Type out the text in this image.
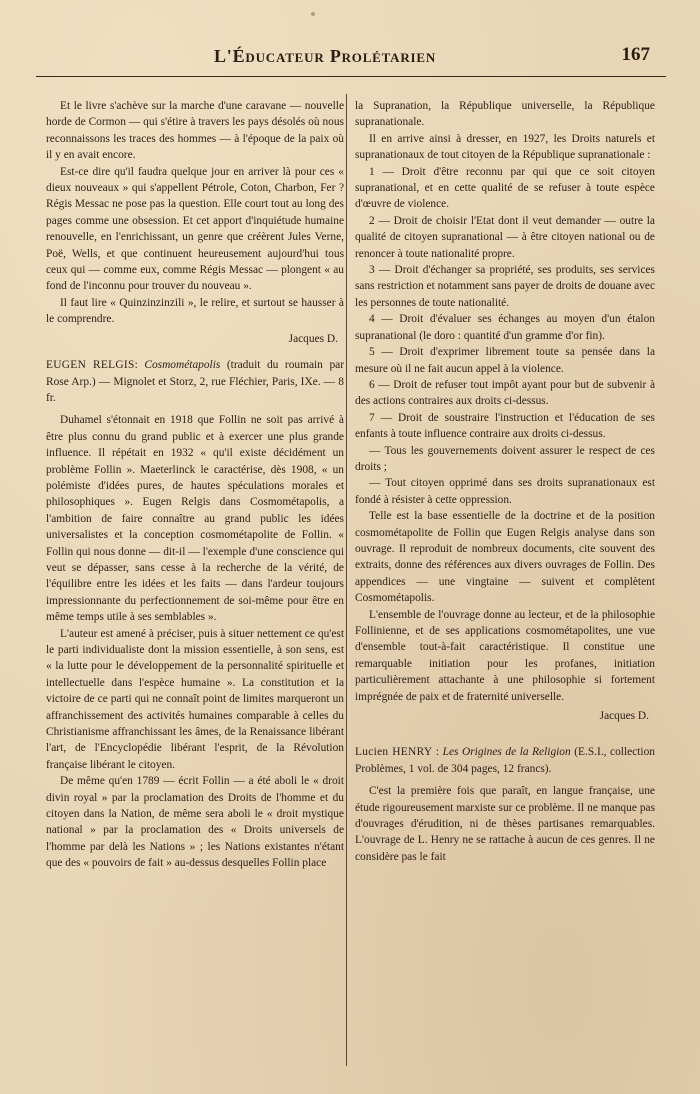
L'Éducateur Prolétarien	167

Et le livre s'achève sur la marche d'une caravane — nouvelle horde de Cormon — qui s'étire à travers les pays désolés où nous reconnaissons les traces des hommes — à l'époque de la paix où il y en avait encore.

Est-ce dire qu'il faudra quelque jour en arriver là pour ces « dieux nouveaux » qui s'appellent Pétrole, Coton, Charbon, Fer ? Régis Messac ne pose pas la question. Elle court tout au long des pages comme une obsession. Et cet apport d'inquiétude humaine renouvelle, en l'enrichissant, un genre que créèrent Jules Verne, Poë, Wells, et que continuent heureusement aujourd'hui tous ceux qui — comme eux, comme Régis Messac — plongent « au fond de l'inconnu pour trouver du nouveau ».

Il faut lire « Quinzinzinzili », le relire, et surtout se hausser à le comprendre.

Jacques D.

EUGEN RELGIS: Cosmométapolis (traduit du roumain par Rose Arp.) — Mignolet et Storz, 2, rue Fléchier, Paris, IXe. — 8 fr.

Duhamel s'étonnait en 1918 que Follin ne soit pas arrivé à être plus connu du grand public et à exercer une plus grande influence. Il répétait en 1932 « qu'il existe décidément un problème Follin ». Maeterlinck le caractérise, dès 1908, « un polémiste d'idées pures, de hautes spéculations morales et philosophiques ». Eugen Relgis dans Cosmométapolis, a l'ambition de faire connaître au grand public les idées universalistes et la conception cosmométapolite de Follin. « Follin qui nous donne — dit-il — l'exemple d'une conscience qui veut se dépasser, sans cesse à la recherche de la vérité, de l'équilibre entre les idées et les faits — dans l'ardeur toujours impressionnante du perfectionnement de soi-même pour être en même temps utile à ses semblables ».

L'auteur est amené à préciser, puis à situer nettement ce qu'est le parti individualiste dont la mission essentielle, à son sens, est « la lutte pour le développement de la personnalité spirituelle et intellectuelle dans l'espèce humaine ». La constitution et la victoire de ce parti qui ne connaît point de limites marqueront un affranchissement des activités humaines comparable à celles du Christianisme affranchissant les âmes, de la Renaissance libérant l'art, de l'Encyclopédie libérant l'esprit, de la Révolution française libérant le citoyen.

De même qu'en 1789 — écrit Follin — a été aboli le « droit divin royal » par la proclamation des Droits de l'homme et du citoyen dans la Nation, de même sera aboli le « droit mystique national » par la proclamation des « Droits universels de l'homme par delà les Nations » ; les Nations existantes n'étant que des « pouvoirs de fait » au-dessus desquelles Follin place

la Supranation, la République universelle, la République supranationale.

Il en arrive ainsi à dresser, en 1927, les Droits naturels et supranationaux de tout citoyen de la République supranationale :

1 — Droit d'être reconnu par qui que ce soit citoyen supranational, et en cette qualité de se refuser à toute espèce d'œuvre de violence.

2 — Droit de choisir l'Etat dont il veut demander — outre la qualité de citoyen supranational — à être citoyen national ou de renoncer à toute nationalité propre.

3 — Droit d'échanger sa propriété, ses produits, ses services sans restriction et notamment sans payer de droits de douane avec les personnes de toute nationalité.

4 — Droit d'évaluer ses échanges au moyen d'un étalon supranational (le doro : quantité d'un gramme d'or fin).

5 — Droit d'exprimer librement toute sa pensée dans la mesure où il ne fait aucun appel à la violence.

6 — Droit de refuser tout impôt ayant pour but de subvenir à des actions contraires aux droits ci-dessus.

7 — Droit de soustraire l'instruction et l'éducation de ses enfants à toute influence contraire aux droits ci-dessus.

— Tous les gouvernements doivent assurer le respect de ces droits ;

— Tout citoyen opprimé dans ses droits supranationaux est fondé à résister à cette oppression.

Telle est la base essentielle de la doctrine et de la position cosmométapolite de Follin que Eugen Relgis analyse dans son ouvrage. Il reproduit de nombreux documents, cite souvent des extraits, donne des références aux divers ouvrages de Follin. Des appendices — une vingtaine — suivent et complètent Cosmométapolis.

L'ensemble de l'ouvrage donne au lecteur, et de la philosophie Follinienne, et de ses applications cosmométapolites, une vue d'ensemble tout-à-fait caractéristique. Il constitue une remarquable initiation pour les profanes, initiation particulièrement attachante à une philosophie si fortement imprégnée de paix et de fraternité universelle.

Jacques D.

Lucien HENRY : Les Origines de la Religion (E.S.I., collection Problèmes, 1 vol. de 304 pages, 12 francs).

C'est la première fois que paraît, en langue française, une étude rigoureusement marxiste sur ce problème. Il ne manque pas d'ouvrages d'érudition, ni de thèses partisanes remarquables. L'ouvrage de L. Henry ne se rattache à aucun de ces genres. Il ne considère pas le fait
